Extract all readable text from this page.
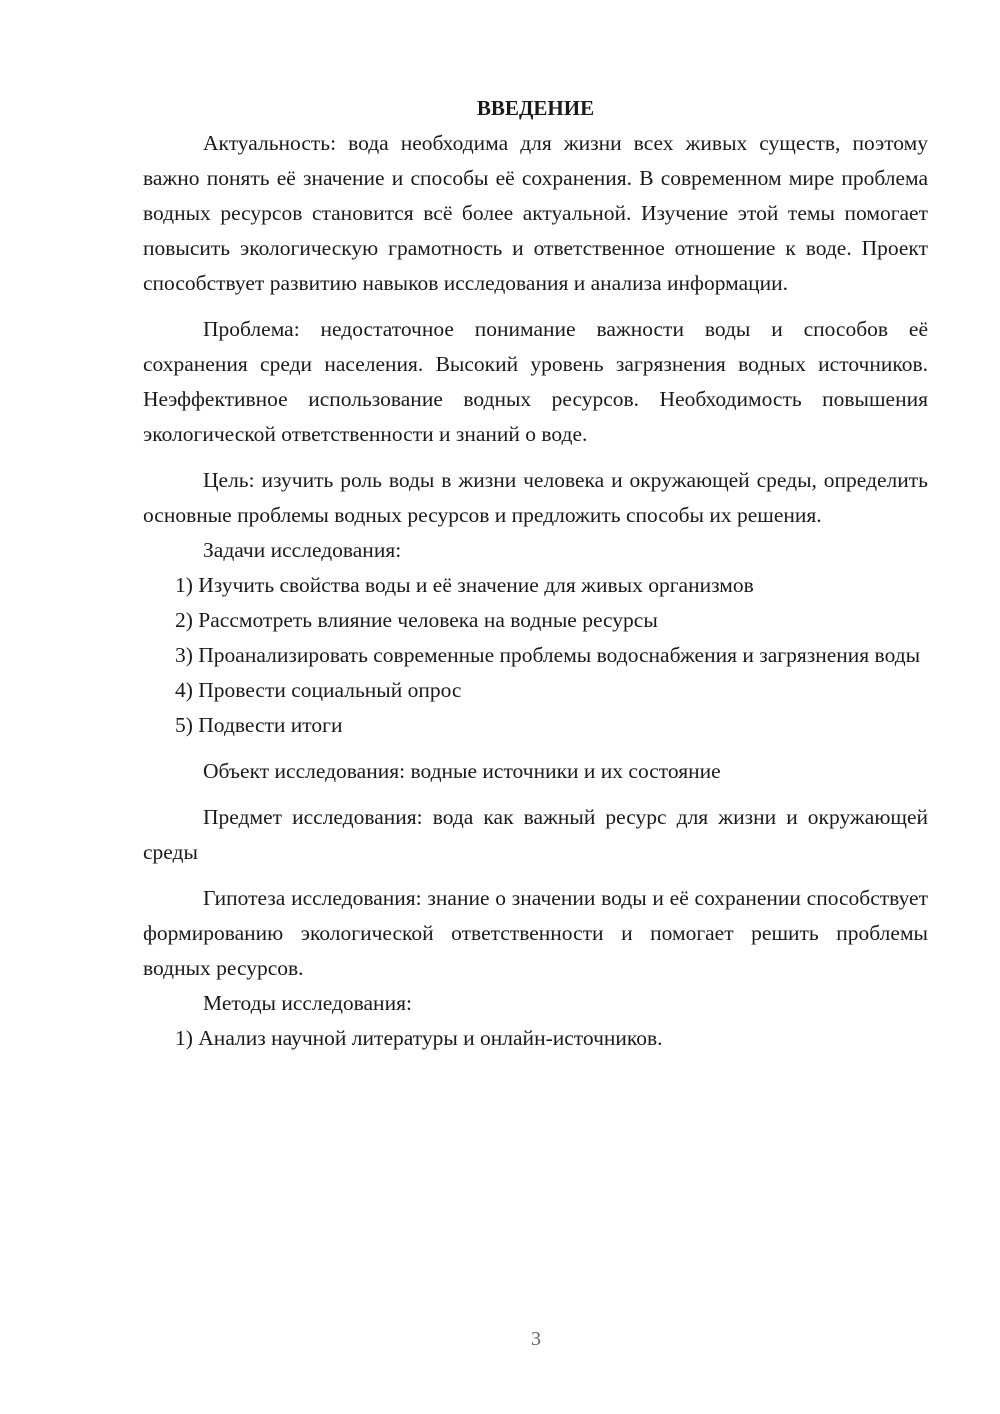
ВВЕДЕНИЕ

Актуальность: вода необходима для жизни всех живых существ, поэтому важно понять её значение и способы её сохранения. В современном мире проблема водных ресурсов становится всё более актуальной. Изучение этой темы помогает повысить экологическую грамотность и ответственное отношение к воде. Проект способствует развитию навыков исследования и анализа информации.

Проблема: недостаточное понимание важности воды и способов её сохранения среди населения. Высокий уровень загрязнения водных источников. Неэффективное использование водных ресурсов. Необходимость повышения экологической ответственности и знаний о воде.

Цель: изучить роль воды в жизни человека и окружающей среды, определить основные проблемы водных ресурсов и предложить способы их решения.

Задачи исследования:

1) Изучить свойства воды и её значение для живых организмов

2) Рассмотреть влияние человека на водные ресурсы

3) Проанализировать современные проблемы водоснабжения и загрязнения воды

4) Провести социальный опрос

5) Подвести итоги

Объект исследования: водные источники и их состояние

Предмет исследования: вода как важный ресурс для жизни и окружающей среды

Гипотеза исследования: знание о значении воды и её сохранении способствует формированию экологической ответственности и помогает решить проблемы водных ресурсов.

Методы исследования:

1) Анализ научной литературы и онлайн-источников.

3
